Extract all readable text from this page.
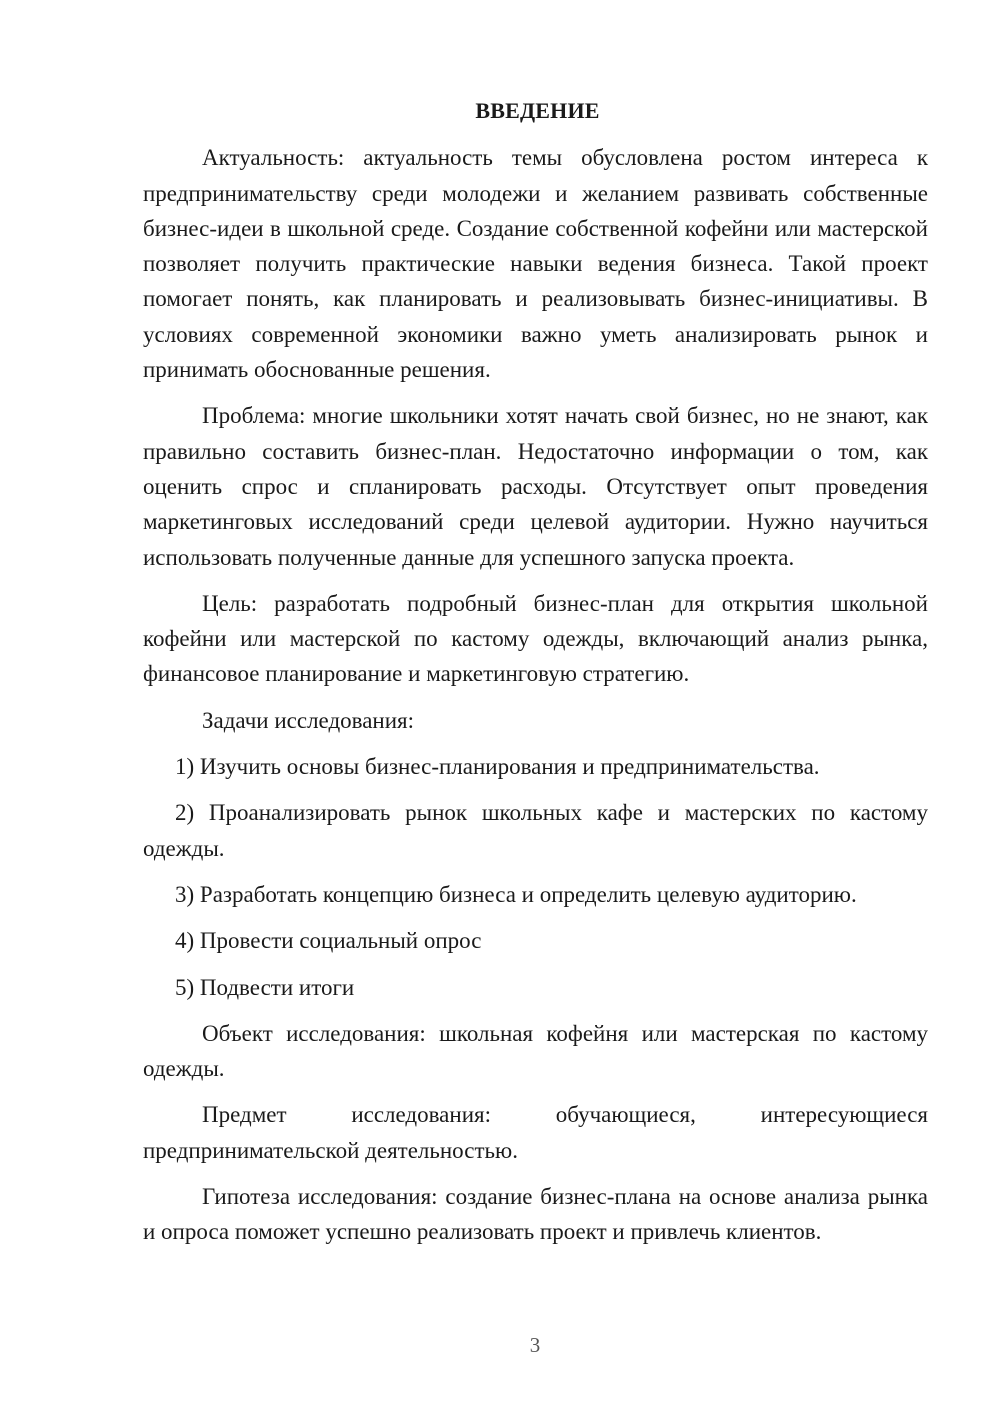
ВВЕДЕНИЕ

Актуальность: актуальность темы обусловлена ростом интереса к предпринимательству среди молодежи и желанием развивать собственные бизнес-идеи в школьной среде. Создание собственной кофейни или мастерской позволяет получить практические навыки ведения бизнеса. Такой проект помогает понять, как планировать и реализовывать бизнес-инициативы. В условиях современной экономики важно уметь анализировать рынок и принимать обоснованные решения.

Проблема: многие школьники хотят начать свой бизнес, но не знают, как правильно составить бизнес-план. Недостаточно информации о том, как оценить спрос и спланировать расходы. Отсутствует опыт проведения маркетинговых исследований среди целевой аудитории. Нужно научиться использовать полученные данные для успешного запуска проекта.

Цель: разработать подробный бизнес-план для открытия школьной кофейни или мастерской по кастому одежды, включающий анализ рынка, финансовое планирование и маркетинговую стратегию.

Задачи исследования:

1) Изучить основы бизнес-планирования и предпринимательства.

2) Проанализировать рынок школьных кафе и мастерских по кастому одежды.

3) Разработать концепцию бизнеса и определить целевую аудиторию.

4) Провести социальный опрос

5) Подвести итоги

Объект исследования: школьная кофейня или мастерская по кастому одежды.

Предмет исследования: обучающиеся, интересующиеся предпринимательской деятельностью.

Гипотеза исследования: создание бизнес-плана на основе анализа рынка и опроса поможет успешно реализовать проект и привлечь клиентов.

3
